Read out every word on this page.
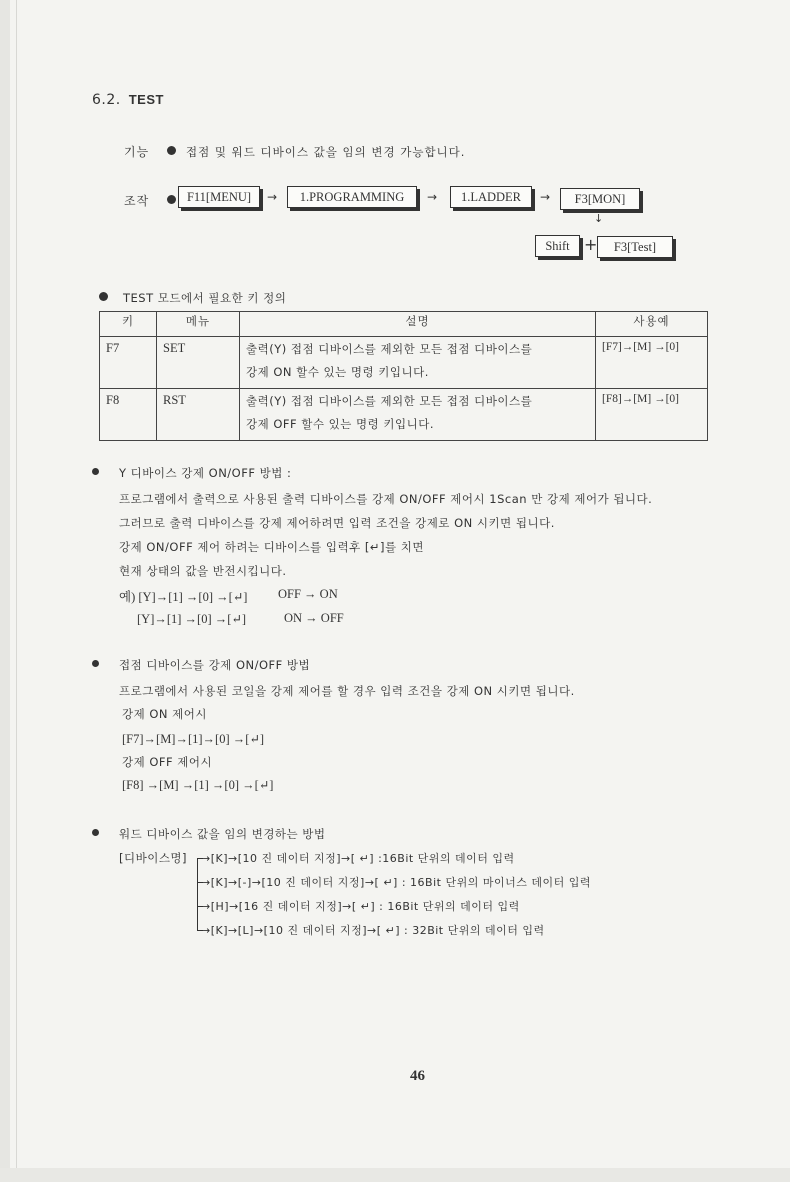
6.2. TEST
기능	접점 및 워드 디바이스 값을 임의 변경 가능합니다.
조작	F11[MENU]	→	1.PROGRAMMING	→	1.LADDER	→	F3[MON]
↓
Shift +	F3[Test]
TEST 모드에서 필요한 키 정의
키	메뉴	설명	사용예
F7	SET	출력(Y) 접점 디바이스를 제외한 모든 접점 디바이스를
강제 ON 할수 있는 명령 키입니다.	[F7]→[M] →[0]
F8	RST	출력(Y) 접점 디바이스를 제외한 모든 접점 디바이스를
강제 OFF 할수 있는 명령 키입니다.	[F8]→[M] →[0]
Y 디바이스 강제 ON/OFF 방법 :
프로그램에서 출력으로 사용된 출력 디바이스를 강제 ON/OFF 제어시 1Scan 만 강제 제어가 됩니다.
그러므로 출력 디바이스를 강제 제어하려면 입력 조건을 강제로 ON 시키면 됩니다.
강제 ON/OFF 제어 하려는 디바이스를 입력후 [↵]를 치면
현재 상태의 값을 반전시킵니다.
예) [Y]→[1] →[0] →[↵] OFF → ON
[Y]→[1] →[0] →[↵]	ON → OFF
접점 디바이스를 강제 ON/OFF 방법
프로그램에서 사용된 코일을 강제 제어를 할 경우 입력 조건을 강제 ON 시키면 됩니다.
강제 ON 제어시
[F7]→[M]→[1]→[0] →[↵]
강제 OFF 제어시
[F8] →[M] →[1] →[0] →[↵]
워드 디바이스 값을 임의 변경하는 방법
[디바이스명] →[K]→[10 진 데이터 지정]→[ ↵] :16Bit 단위의 데이터 입력
→[K]→[-]→[10 진 데이터 지정]→[ ↵] : 16Bit 단위의 마이너스 데이터 입력
→[H]→[16 진 데이터 지정]→[ ↵] : 16Bit 단위의 데이터 입력
→[K]→[L]→[10 진 데이터 지정]→[ ↵] : 32Bit 단위의 데이터 입력
46
